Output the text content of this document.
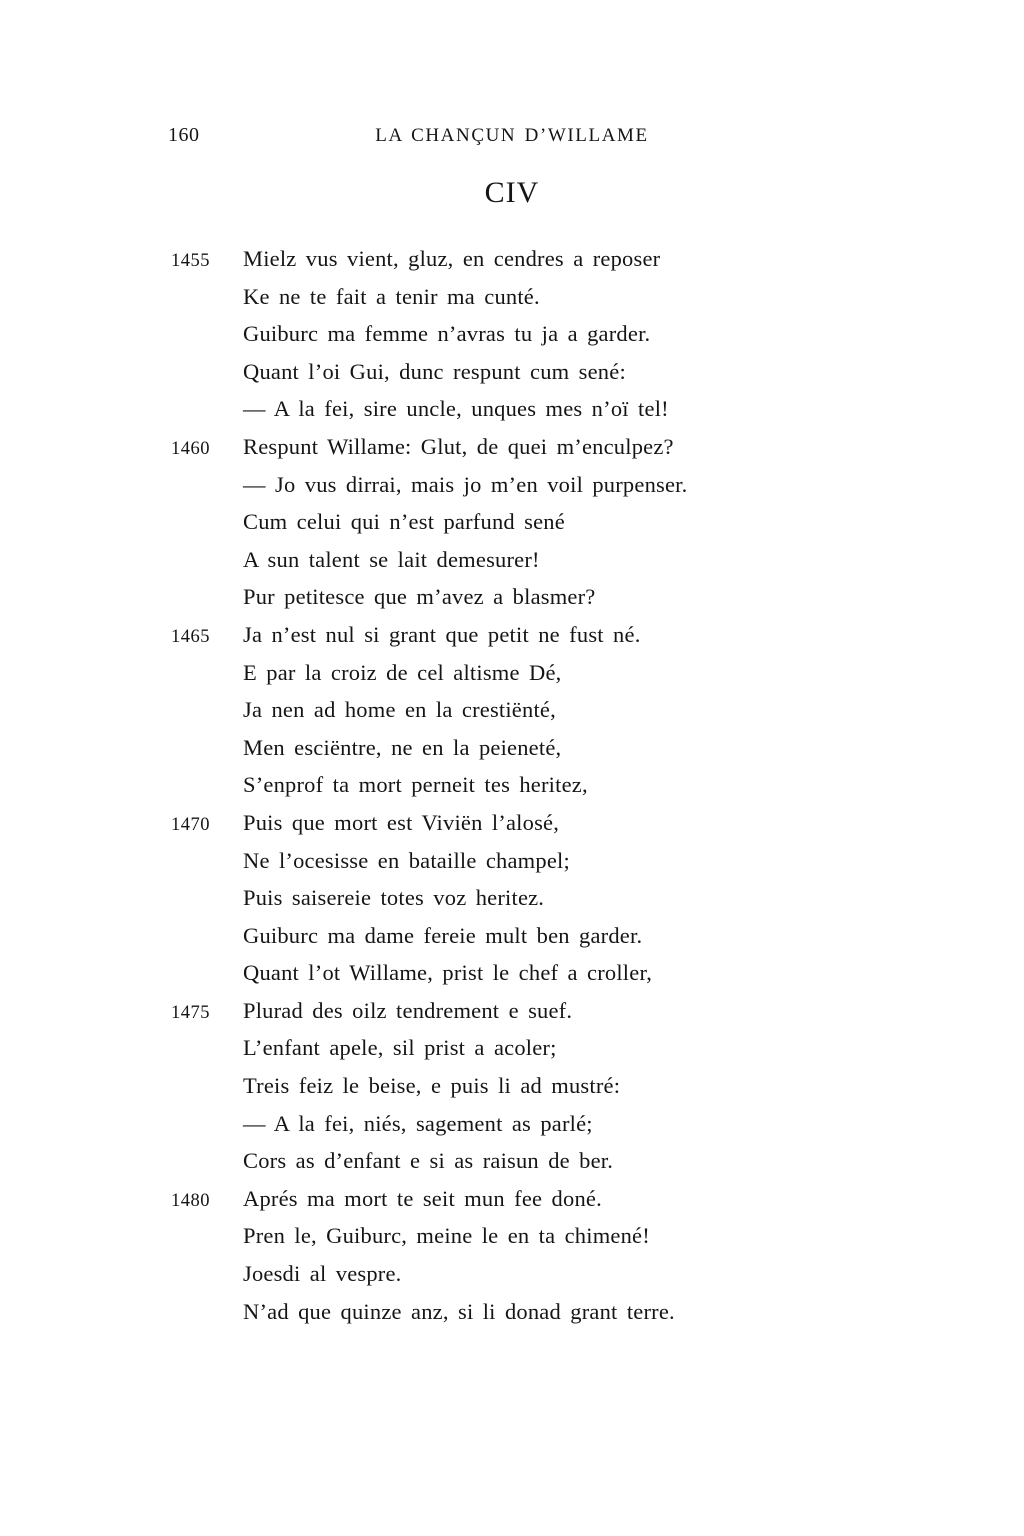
160	LA CHANÇUN D’WILLAME
CIV
1455 Mielz vus vient, gluz, en cendres a reposer
Ke ne te fait a tenir ma cunté.
Guiburc ma femme n’avras tu ja a garder.
Quant l’oi Gui, dunc respunt cum sené:
— A la fei, sire uncle, unques mes n’oï tel!
1460 Respunt Willame: Glut, de quei m’enculpez?
— Jo vus dirrai, mais jo m’en voil purpenser.
Cum celui qui n’est parfund sené
A sun talent se lait demesurer!
Pur petitesce que m’avez a blasmer?
1465 Ja n’est nul si grant que petit ne fust né.
E par la croiz de cel altisme Dé,
Ja nen ad home en la crestiënté,
Men esciëntre, ne en la peieneté,
S’enprof ta mort perneit tes heritez,
1470 Puis que mort est Viviën l’alosé,
Ne l’ocesisse en bataille champel;
Puis saisereie totes voz heritez.
Guiburc ma dame fereie mult ben garder.
Quant l’ot Willame, prist le chef a croller,
1475 Plurad des oilz tendrement e suef.
L’enfant apele, sil prist a acoler;
Treis feiz le beise, e puis li ad mustré:
— A la fei, niés, sagement as parlé;
Cors as d’enfant e si as raisun de ber.
1480 Aprés ma mort te seit mun fee doné.
Pren le, Guiburc, meine le en ta chimené!
Joesdi al vespre.
N’ad que quinze anz, si li donad grant terre.
